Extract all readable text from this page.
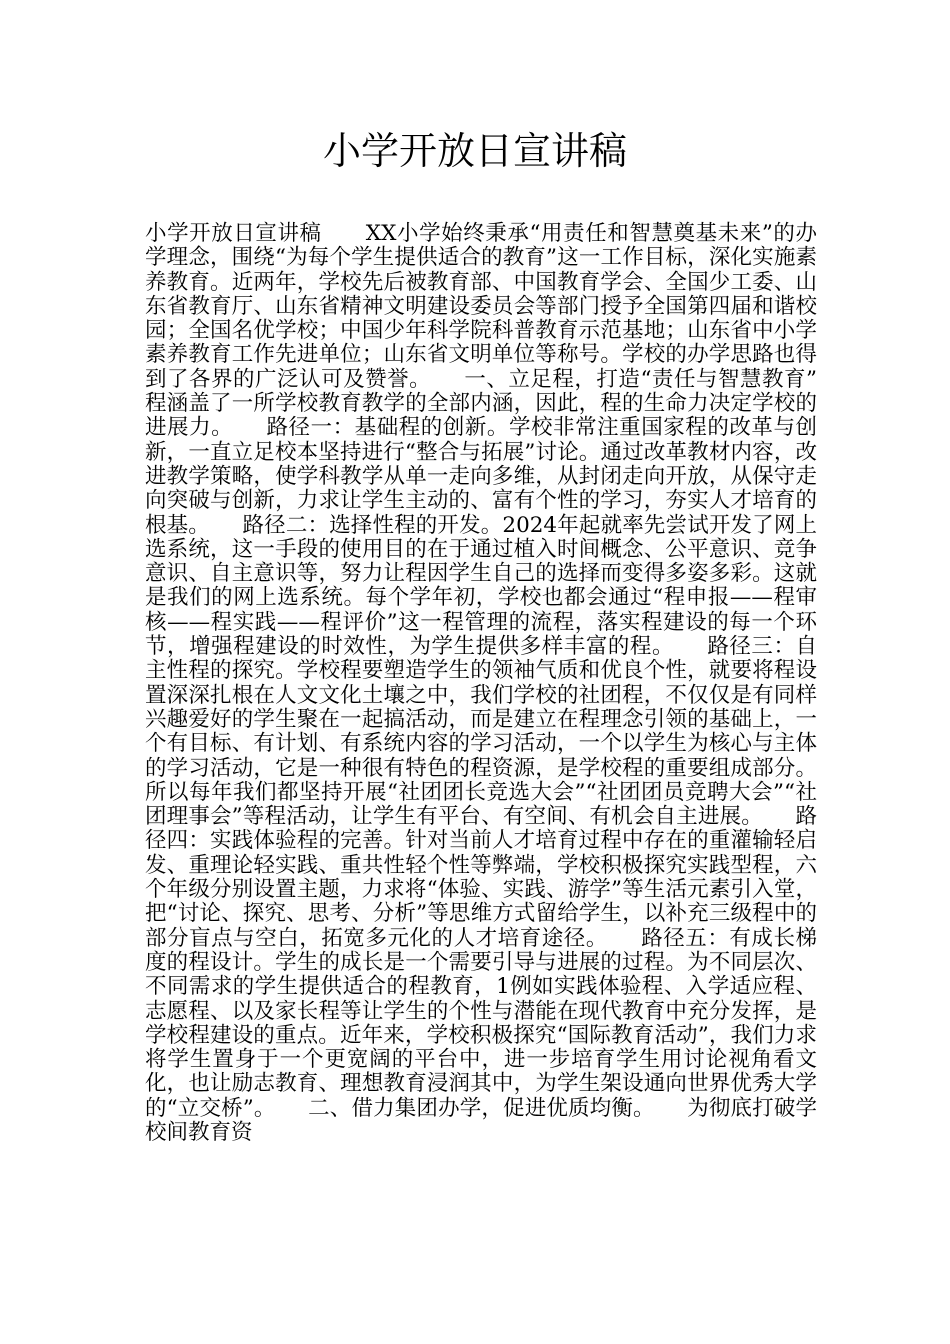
小学开放日宣讲稿

小学开放日宣讲稿　　XX小学始终秉承“用责任和智慧奠基未来”的办学理念，围绕“为每个学生提供适合的教育”这一工作目标，深化实施素养教育。近两年，学校先后被教育部、中国教育学会、全国少工委、山东省教育厅、山东省精神文明建设委员会等部门授予全国第四届和谐校园；全国名优学校；中国少年科学院科普教育示范基地；山东省中小学素养教育工作先进单位；山东省文明单位等称号。学校的办学思路也得到了各界的广泛认可及赞誉。　　一、立足程，打造“责任与智慧教育”　　程涵盖了一所学校教育教学的全部内涵，因此，程的生命力决定学校的进展力。　　路径一：基础程的创新。学校非常注重国家程的改革与创新，一直立足校本坚持进行“整合与拓展”讨论。通过改革教材内容，改进教学策略，使学科教学从单一走向多维，从封闭走向开放，从保守走向突破与创新，力求让学生主动的、富有个性的学习，夯实人才培育的根基。　　路径二：选择性程的开发。2024年起就率先尝试开发了网上选系统，这一手段的使用目的在于通过植入时间概念、公平意识、竞争意识、自主意识等，努力让程因学生自己的选择而变得多姿多彩。这就是我们的网上选系统。每个学年初，学校也都会通过“程申报——程审核——程实践——程评价”这一程管理的流程，落实程建设的每一个环节，增强程建设的时效性，为学生提供多样丰富的程。　　路径三：自主性程的探究。学校程要塑造学生的领袖气质和优良个性，就要将程设置深深扎根在人文文化土壤之中，我们学校的社团程，不仅仅是有同样兴趣爱好的学生聚在一起搞活动，而是建立在程理念引领的基础上，一个有目标、有计划、有系统内容的学习活动，一个以学生为核心与主体的学习活动，它是一种很有特色的程资源，是学校程的重要组成部分。所以每年我们都坚持开展“社团团长竞选大会”“社团团员竞聘大会”“社团理事会”等程活动，让学生有平台、有空间、有机会自主进展。　　路径四：实践体验程的完善。针对当前人才培育过程中存在的重灌输轻启发、重理论轻实践、重共性轻个性等弊端，学校积极探究实践型程，六个年级分别设置主题，力求将“体验、实践、游学”等生活元素引入堂，把“讨论、探究、思考、分析”等思维方式留给学生，以补充三级程中的部分盲点与空白，拓宽多元化的人才培育途径。　　路径五：有成长梯度的程设计。学生的成长是一个需要引导与进展的过程。为不同层次、不同需求的学生提供适合的程教育，1例如实践体验程、入学适应程、志愿程、以及家长程等让学生的个性与潜能在现代教育中充分发挥，是学校程建设的重点。近年来，学校积极探究“国际教育活动”，我们力求将学生置身于一个更宽阔的平台中，进一步培育学生用讨论视角看文化，也让励志教育、理想教育浸润其中，为学生架设通向世界优秀大学的“立交桥”。　　二、借力集团办学，促进优质均衡。　　为彻底打破学校间教育资
